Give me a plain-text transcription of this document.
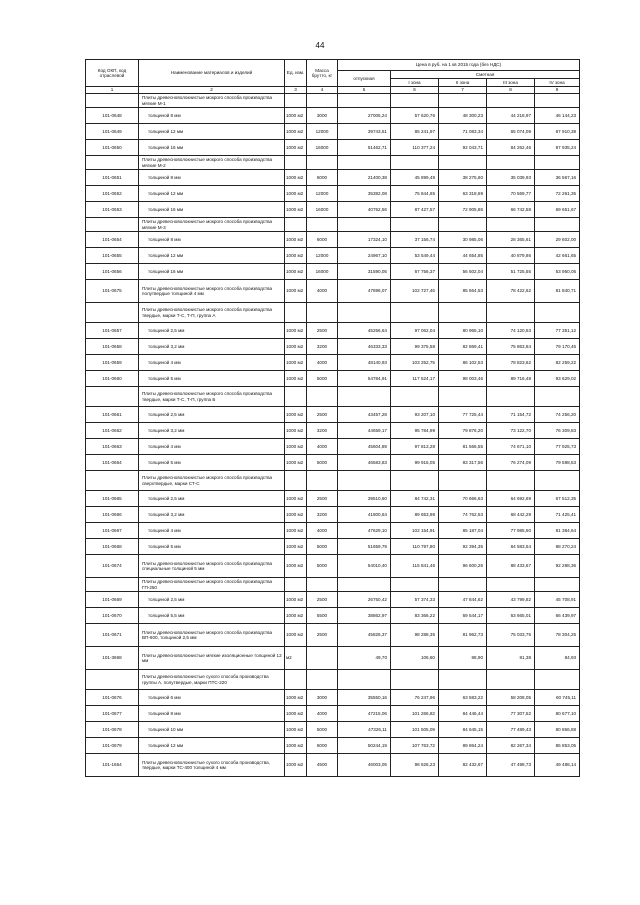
44
Код ОКП, код отраслевой	Наименование материалов и изделий	Ед. изм.	Масса брутто, кг	Цена в руб. на 1 кв 2015 года (без НДС)				
				отпускная	Сметная			
					I зона	II зона	III зона	IV зона
1	2	3	4	5	6	7	8	9
	Плиты древесноволокнистые мокрого способа производства мягкие М-1							
101-0648	толщиной 8 мм	1000 м2	3000	27005,24	57 620,76	48 300,23	44 218,97	46 144,23
101-0649	толщиной 12 мм	1000 м2	12000	39743,51	85 241,97	71 083,34	65 074,09	67 910,38
101-0650	толщиной 16 мм	1000 м2	16000	51462,71	110 377,24	92 043,71	84 262,46	87 935,24
	Плиты древесноволокнистые мокрого способа производства мягкие М-2							
101-0651	толщиной 8 мм	1000 м2	6000	21400,38	45 899,49	38 275,60	35 039,93	36 567,16
101-0652	толщиной 12 мм	1000 м2	12000	35382,08	75 844,65	63 318,69	70 569,77	72 261,35
101-0653	толщиной 16 мм	1000 м2	16000	40752,56	87 427,57	72 905,86	66 742,58	69 651,67
	Плиты древесноволокнистые мокрого способа производства мягкие М-3							
101-0654	толщиной 8 мм	1000 м2	6000	17324,10	37 156,74	30 985,06	28 365,61	29 602,00
101-0655	толщиной 12 мм	1000 м2	12000	24967,10	53 549,44	44 654,85	40 879,86	42 661,65
101-0656	толщиной 16 мм	1000 м2	16000	31590,05	67 756,37	56 502,04	51 725,55	53 950,05
101-0675	Плиты древесноволокнистые мокрого способа производства полутвердые толщиной 4 мм	1000 м2	4000	47896,07	102 727,46	85 664,53	78 422,62	81 840,71
	Плиты древесноволокнистые мокрого способа производства твердые, марки Т-С, Т-П, группа А							
101-0657	толщиной 2,5 мм	1000 м2	2500	45256,64	97 062,04	80 965,10	74 120,53	77 351,12
101-0658	толщиной 3,2 мм	1000 м2	3200	46333,33	99 375,58	82 869,41	75 863,84	79 170,45
101-0659	толщиной 4 мм	1000 м2	4000	48140,93	103 252,75	86 102,53	78 823,62	82 259,22
101-0660	толщиной 5 мм	1000 м2	5000	54784,91	117 524,17	98 003,46	89 716,48	93 629,02
	Плиты древесноволокнистые мокрого способа производства твердые, марки Т-С, Т-П, группа Б							
101-0661	толщиной 2,5 мм	1000 м2	2500	43457,28	93 207,10	77 725,44	71 154,72	74 256,20
101-0662	толщиной 3,2 мм	1000 м2	3200	44659,17	95 784,99	79 876,20	73 122,70	76 309,83
101-0663	толщиной 4 мм	1000 м2	4000	45604,89	97 813,28	81 566,55	74 671,10	77 925,73
101-0664	толщиной 5 мм	1000 м2	5000	46583,83	99 915,05	83 317,56	76 274,09	79 598,53
	Плиты древесноволокнистые мокрого способа производства сверхтвердые, марки СТ-С							
101-0665	толщиной 2,5 мм	1000 м2	2500	39510,60	84 742,31	70 666,63	64 692,69	67 512,35
101-0666	толщиной 3,2 мм	1000 м2	3200	41800,64	89 653,98	74 762,53	68 442,29	71 425,41
101-0667	толщиной 4 мм	1000 м2	4000	47629,10	102 154,91	85 187,04	77 985,50	81 384,64
101-0668	толщиной 5 мм	1000 м2	5000	51659,79	110 797,80	92 394,35	84 583,54	88 270,24
101-0674	Плиты древесноволокнистые мокрого способа производства специальные толщиной 5 мм	1000 м2	5000	54010,40	115 841,46	96 600,26	88 433,67	92 288,36
	Плиты древесноволокнистые мокрого способа производства ГП-250							
101-0669	толщиной 2,5 мм	1000 м2	2500	26750,42	57 374,33	47 844,62	43 799,82	45 708,91
101-0670	толщиной 5,5 мм	1000 м2	5500	38862,97	83 366,22	69 544,17	63 665,01	66 439,97
101-0671	Плиты древесноволокнистые мокрого способа производства ВП-600, толщиной 2,5 мм	1000 м2	2500	45826,37	98 288,35	81 962,73	75 033,75	78 304,25
101-3668	Плиты древесноволокнистые мягкие изоляционные толщиной 12 мм	м2		49,70	106,60	88,90	81,38	84,93
	Плиты древесноволокнистые сухого способа производства группы А, полутвердые, марки ПТС-220							
101-0676	толщиной 6 мм	1000 м2	3000	35550,16	76 247,96	63 583,22	58 208,05	60 745,11
101-0677	толщиной 8 мм	1000 м2	4000	47215,06	101 266,82	84 446,44	77 307,52	80 677,10
101-0678	толщиной 10 мм	1000 м2	5000	47326,11	101 505,09	84 645,15	77 489,43	80 866,88
101-0679	толщиной 12 мм	1000 м2	6000	50244,19	107 763,72	89 864,24	82 267,34	85 853,05
101-1664	Плиты древесноволокнистые сухого способа производства, твердые, марки ТС-400 толщиной 4 мм	1000 м2	4500	46003,05	98 626,23	82 432,67	47 498,73	49 488,14
